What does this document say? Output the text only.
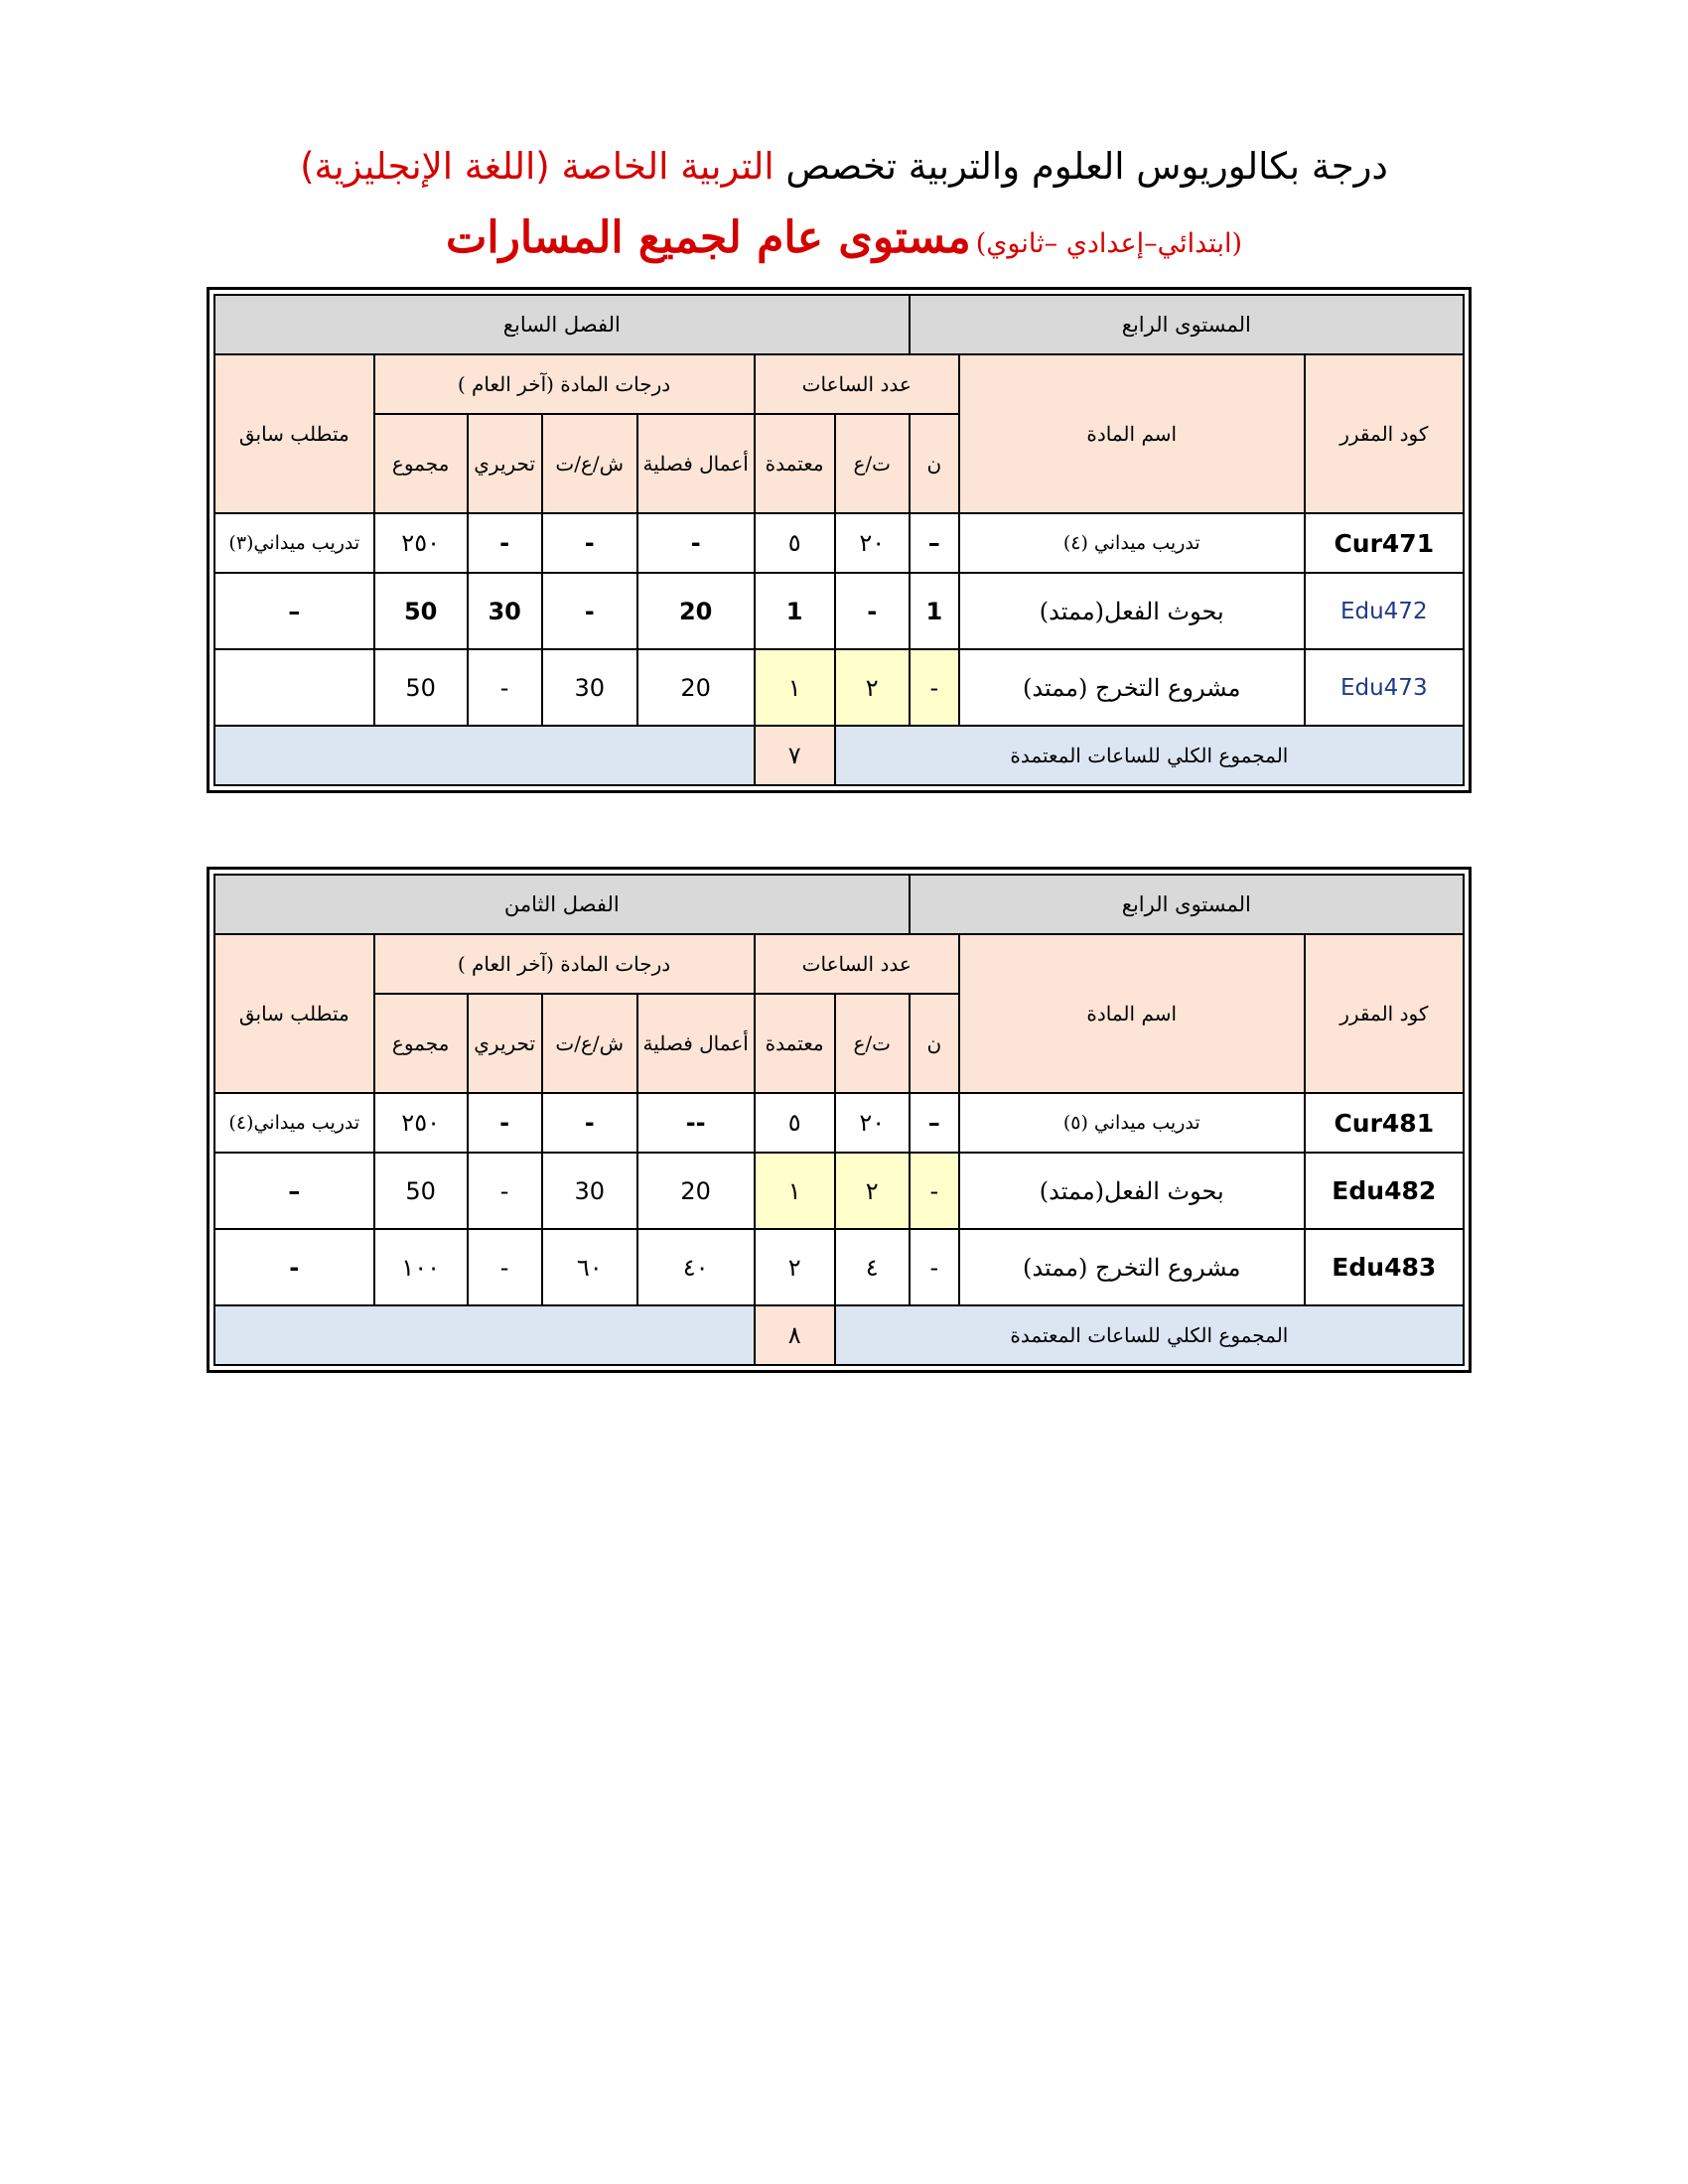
درجة بكالوريوس العلوم والتربية تخصص التربية الخاصة (اللغة الإنجليزية)
(ابتدائي–إعدادي –ثانوي) مستوى عام لجميع المسارات
المستوى الرابع			الفصل السابع						
كود المقرر	اسم المادة	عدد الساعات			درجات المادة (آخر العام )				متطلب سابق
		ن	ت/ع	معتمدة	أعمال فصلية	ش/ع/ت	تحريري	مجموع	
Cur471	تدريب ميداني (٤)	–	٢٠	٥	-	-	-	٢٥٠	تدريب ميداني(٣)
Edu472	بحوث الفعل(ممتد)	1	-	1	20	-	30	50	–
Edu473	مشروع التخرج (ممتد)	-	٢	١	20	30	-	50	
المجموع الكلي للساعات المعتمدة				٧					
المستوى الرابع			الفصل الثامن						
كود المقرر	اسم المادة	عدد الساعات			درجات المادة (آخر العام )				متطلب سابق
		ن	ت/ع	معتمدة	أعمال فصلية	ش/ع/ت	تحريري	مجموع	
Cur481	تدريب ميداني (٥)	–	٢٠	٥	--	-	-	٢٥٠	تدريب ميداني(٤)
Edu482	بحوث الفعل(ممتد)	-	٢	١	20	30	-	50	–
Edu483	مشروع التخرج (ممتد)	-	٤	٢	٤٠	٦٠	-	١٠٠	-
المجموع الكلي للساعات المعتمدة				٨					
